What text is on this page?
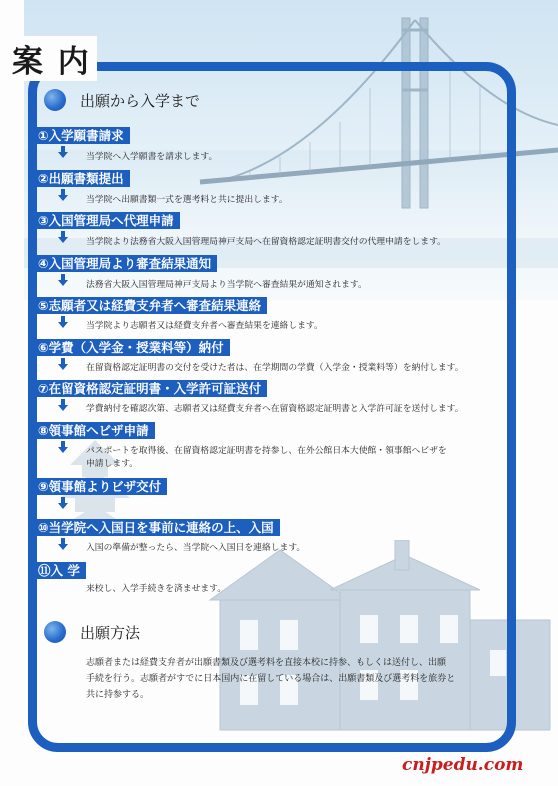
案 内
出願から入学まで
①入学願書請求
当学院へ入学願書を請求します。
②出願書類提出
当学院へ出願書類一式を選考料と共に提出します。
③入国管理局へ代理申請
当学院より法務省大阪入国管理局神戸支局へ在留資格認定証明書交付の代理申請をします。
④入国管理局より審査結果通知
法務省大阪入国管理局神戸支局より当学院へ審査結果が通知されます。
⑤志願者又は経費支弁者へ審査結果連絡
当学院より志願者又は経費支弁者へ審査結果を連絡します。
⑥学費（入学金・授業料等）納付
在留資格認定証明書の交付を受けた者は、在学期間の学費（入学金・授業料等）を納付します。
⑦在留資格認定証明書・入学許可証送付
学費納付を確認次第、志願者又は経費支弁者へ在留資格認定証明書と入学許可証を送付します。
⑧領事館へビザ申請
パスポートを取得後、在留資格認定証明書を持参し、在外公館日本大使館・領事館へビザを
申請します。
⑨領事館よりビザ交付
⑩当学院へ入国日を事前に連絡の上、入国
入国の準備が整ったら、当学院へ入国日を連絡します。
⑪入 学
来校し、入学手続きを済ませます。
出願方法
志願者または経費支弁者が出願書類及び選考料を直接本校に持参、もしくは送付し、出願
手続を行う。志願者がすでに日本国内に在留している場合は、出願書類及び選考料を旅券と
共に持参する。
cnjpedu.com
